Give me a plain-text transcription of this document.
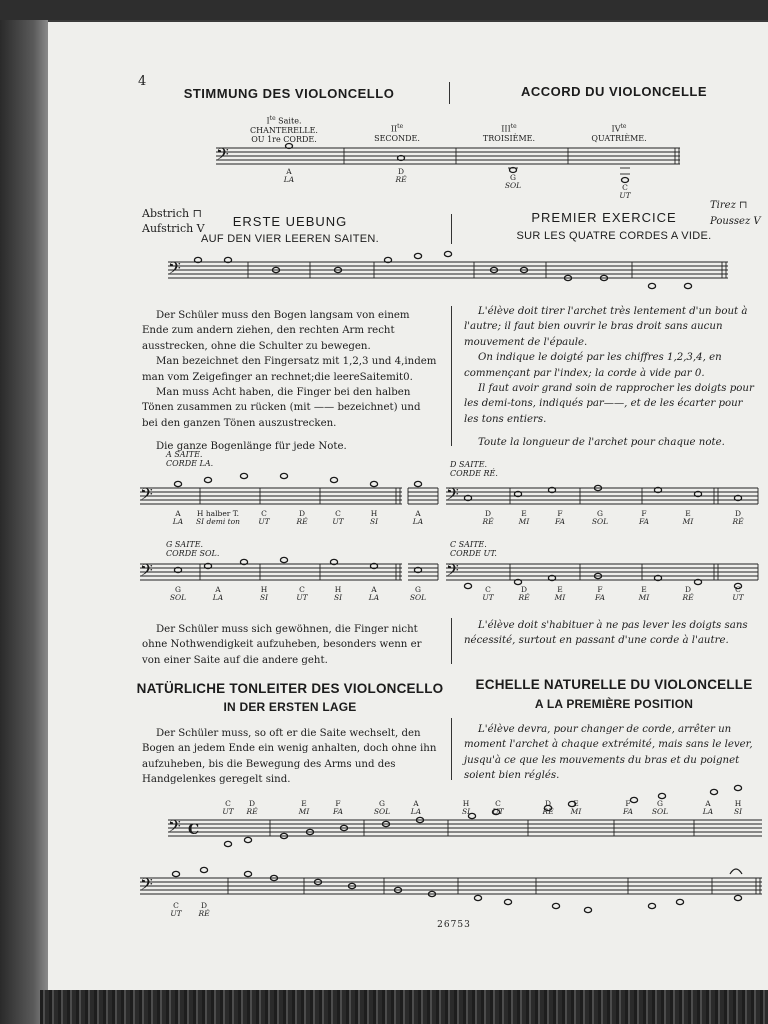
4
STIMMUNG DES VIOLONCELLO	ACCORD DU VIOLONCELLE
$I^{te}$ Saite.
CHANTERELLE.
OU 1re CORDE.
$II^{te}$
SECONDE.
$III^{te}$
TROISIÈME.
$IV^{te}$
QUATRIÈME.
𝄢
𝄢
𝄢	𝄢
𝄢	𝄢
𝄢 C
𝄢
A
LA
D
RÉ	G
SOL	C
UT
Abstrich ⊓
Aufstrich V
Tirez ⊓
Poussez V
ERSTE UEBUNG
AUF DEN VIER LEEREN SAITEN.
PREMIER EXERCICE
SUR LES QUATRE CORDES A VIDE.

Der Schüler muss den Bogen langsam von einem Ende zum andern ziehen, den rechten Arm recht ausstrecken, ohne die Schulter zu bewegen.

Man bezeichnet den Fingersatz mit 1,2,3 und 4,indem man vom Zeigefinger an rechnet;die leereSaitemit0.

Man muss Acht haben, die Finger bei den halben Tönen zusammen zu rücken (mit —— bezeichnet) und bei den ganzen Tönen auszustrecken.

Die ganze Bogenlänge für jede Note.

L'élève doit tirer l'archet très lentement d'un bout à l'autre; il faut bien ouvrir le bras droit sans aucun mouvement de l'épaule.

On indique le doigté par les chiffres 1,2,3,4, en commençant par l'index; la corde à vide par 0.

Il faut avoir grand soin de rapprocher les doigts pour les demi-tons, indiqués par——, et de les écarter pour les tons entiers.

Toute la longueur de l'archet pour chaque note.

A SAITE.
CORDE LA.	D SAITE.
CORDE RÉ.
G SAITE.
CORDE SOL.
C SAITE.
CORDE UT.
A
LA
H halber T.
SI demi ton
C
UT
D
RÉ
C
UT
H
SI
A
LA
D
RÉ
E
MI
F
FA
G
SOL
F
FA
E
MI
D
RÉ
G
SOL
A
LA
H
SI
C
UT
H
SI
A
LA
G
SOL
C
UT
D
RÉ
E
MI
F
FA
E
MI
D
RÉ
C
UT
C
UT
D
RÉ
E
MI
F
FA
G
SOL
A
LA
H
SI
C
UT
D
RÉ
E
MI
F
FA
G
SOL
A
LA
H
SI
C
UT
D
RÉ

Der Schüler muss sich gewöhnen, die Finger nicht ohne Nothwendigkeit aufzuheben, besonders wenn er von einer Saite auf die andere geht.

L'élève doit s'habituer à ne pas lever les doigts sans nécessité, surtout en passant d'une corde à l'autre.

NATÜRLICHE TONLEITER DES VIOLONCELLO
IN DER ERSTEN LAGE
ECHELLE NATURELLE DU VIOLONCELLE
A LA PREMIÈRE POSITION

Der Schüler muss, so oft er die Saite wechselt, den Bogen an jedem Ende ein wenig anhalten, doch ohne ihn aufzuheben, bis die Bewegung des Arms und des Handgelenkes geregelt sind.

L'élève devra, pour changer de corde, arrêter un moment l'archet à chaque extrémité, mais sans le lever, jusqu'à ce que les mouvements du bras et du poignet soient bien réglés.

26753
